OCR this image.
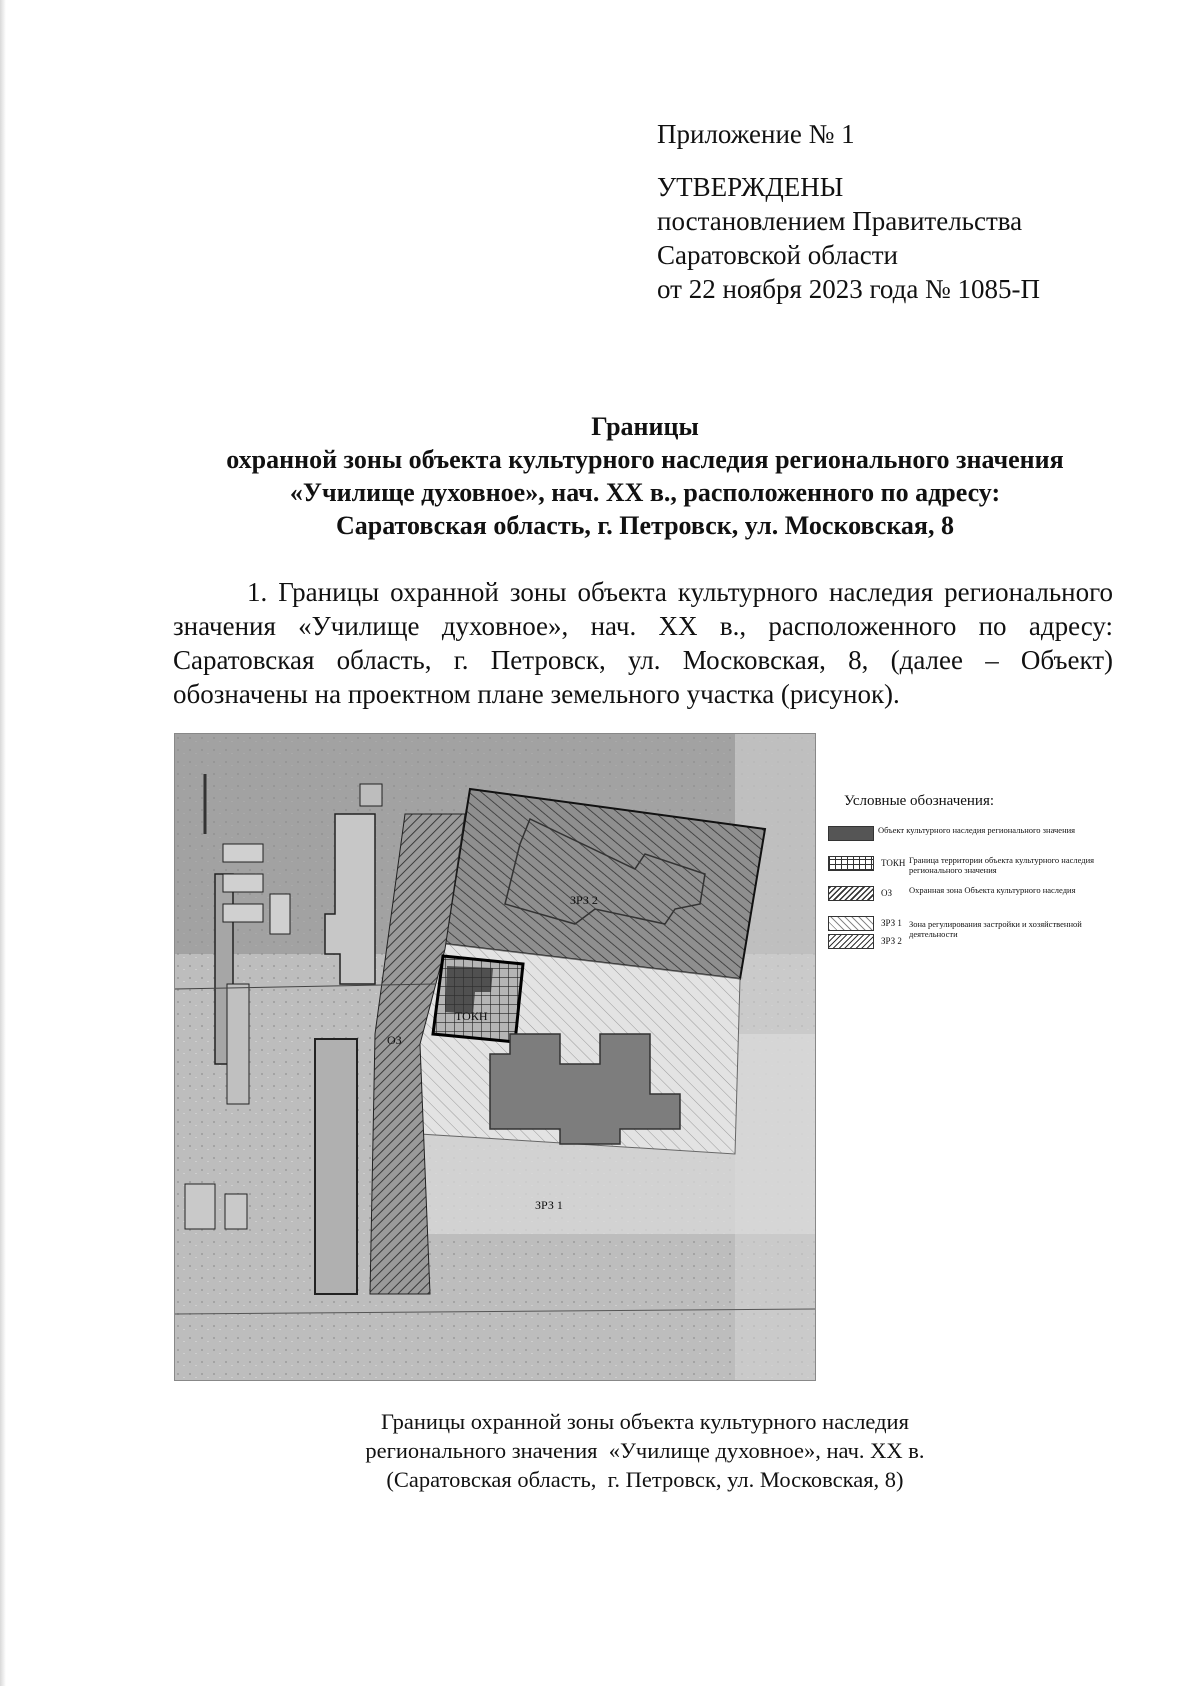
Приложение № 1
УТВЕРЖДЕНЫ
постановлением Правительства
Саратовской области
от 22 ноября 2023 года № 1085-П
Границы
охранной зоны объекта культурного наследия регионального значения
«Училище духовное», нач. XX в., расположенного по адресу:
Саратовская область, г. Петровск, ул. Московская, 8
1. Границы охранной зоны объекта культурного наследия регионального значения «Училище духовное», нач. XX в., расположенного по адресу: Саратовская область, г. Петровск, ул. Московская, 8, (далее – Объект) обозначены на проектном плане земельного участка (рисунок).
ЗРЗ 2
ОЗ
ТОКН
ЗРЗ 1
Условные обозначения:
Объект культурного наследия регионального значения
ТОКН Граница территории объекта культурного наследия регионального значения
ОЗ Охранная зона Объекта культурного наследия
ЗРЗ 1 Зона регулирования застройки и хозяйственной деятельности
ЗРЗ 2
Границы охранной зоны объекта культурного наследия
регионального значения  «Училище духовное», нач. XX в.
(Саратовская область,  г. Петровск, ул. Московская, 8)
